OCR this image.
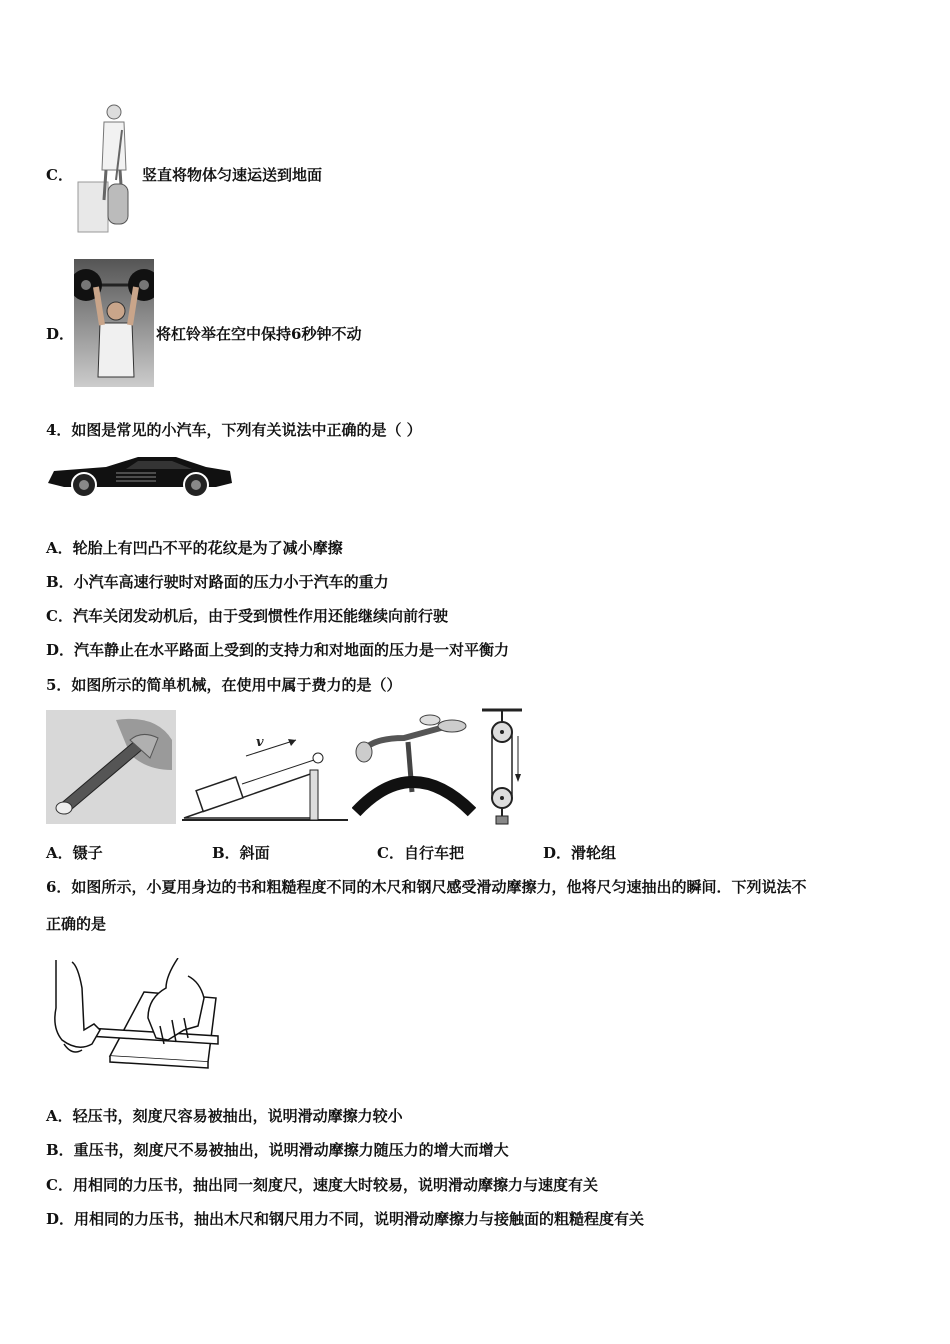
C．	竖直将物体匀速运送到地面
D．	将杠铃举在空中保持6秒钟不动
4．如图是常见的小汽车，下列有关说法中正确的是（ ）
A．轮胎上有凹凸不平的花纹是为了减小摩擦
B．小汽车高速行驶时对路面的压力小于汽车的重力
C．汽车关闭发动机后，由于受到惯性作用还能继续向前行驶
D．汽车静止在水平路面上受到的支持力和对地面的压力是一对平衡力
5．如图所示的简单机械，在使用中属于费力的是（）
v
A．镊子	B．斜面	C．自行车把	D．滑轮组
6．如图所示，小夏用身边的书和粗糙程度不同的木尺和钢尺感受滑动摩擦力，他将尺匀速抽出的瞬间．下列说法不
正确的是
A．轻压书，刻度尺容易被抽出，说明滑动摩擦力较小
B．重压书，刻度尺不易被抽出，说明滑动摩擦力随压力的增大而增大
C．用相同的力压书，抽出同一刻度尺，速度大时较易，说明滑动摩擦力与速度有关
D．用相同的力压书，抽出木尺和钢尺用力不同，说明滑动摩擦力与接触面的粗糙程度有关
